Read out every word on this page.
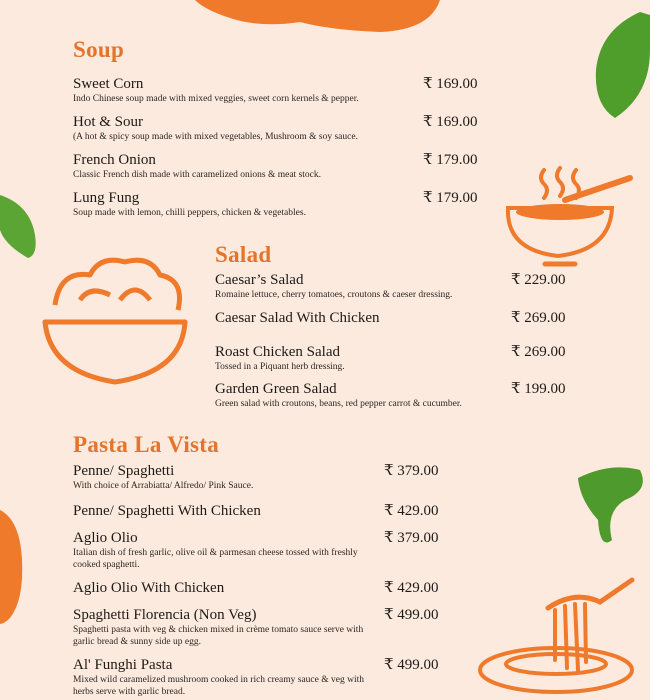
Soup
Sweet Corn
Indo Chinese soup made with mixed veggies, sweet corn kernels & pepper.
₹ 169.00
Hot & Sour
(A hot & spicy soup made with mixed vegetables, Mushroom & soy sauce.
₹ 169.00
French Onion
Classic French dish made with caramelized onions & meat stock.
₹ 179.00
Lung Fung
Soup made with lemon, chilli peppers, chicken & vegetables.
₹ 179.00
Salad
Caesar’s Salad
Romaine lettuce, cherry tomatoes, croutons & caeser dressing.
₹ 229.00
Caesar Salad With Chicken	₹ 269.00
Roast Chicken Salad
Tossed in a Piquant herb dressing.
₹ 269.00
Garden Green Salad
Green salad with croutons, beans, red pepper carrot & cucumber.
₹ 199.00
Pasta La Vista
Penne/ Spaghetti
With choice of Arrabiatta/ Alfredo/ Pink Sauce.
₹ 379.00
Penne/ Spaghetti With Chicken	₹ 429.00
Aglio Olio
Italian dish of fresh garlic, olive oil & parmesan cheese tossed with freshly cooked spaghetti.
₹ 379.00
Aglio Olio With Chicken	₹ 429.00
Spaghetti Florencia (Non Veg)
Spaghetti pasta with veg & chicken mixed in crème tomato sauce serve with garlic bread & sunny side up egg.
₹ 499.00
Al' Funghi Pasta
Mixed wild caramelized mushroom cooked in rich creamy sauce & veg with herbs serve with garlic bread.
₹ 499.00
